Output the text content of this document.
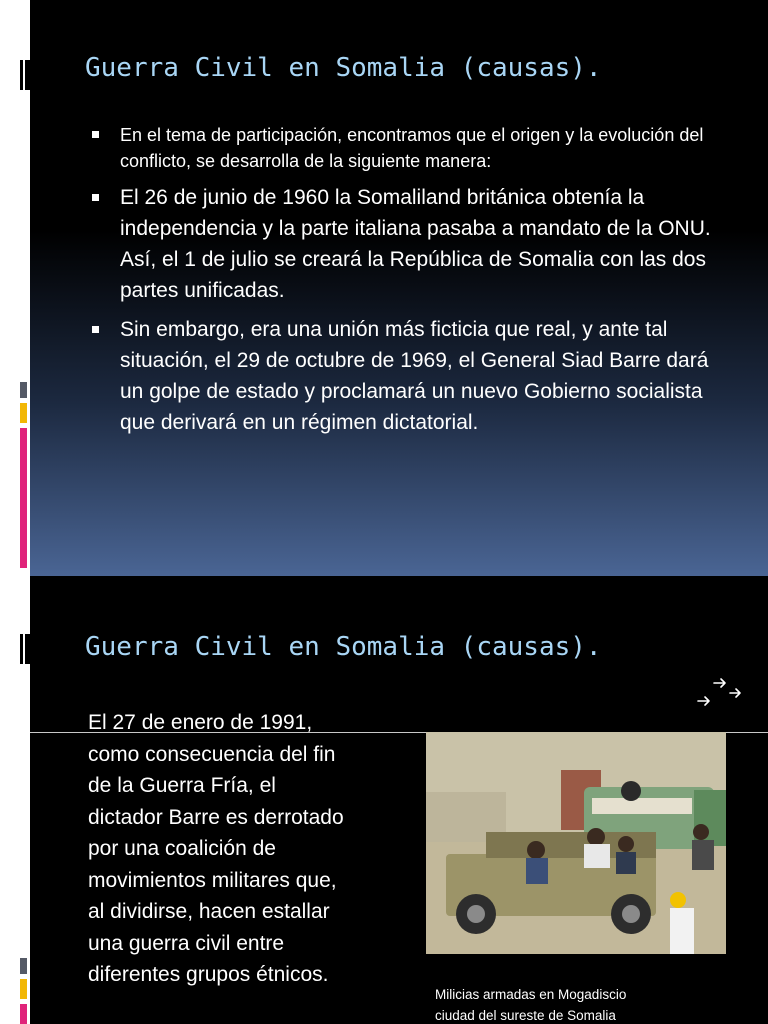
Guerra Civil en Somalia (causas).
En el tema de participación, encontramos que el origen y la evolución del conflicto, se desarrolla de la siguiente manera:
El 26 de junio de 1960 la Somaliland británica obtenía la independencia y la parte italiana pasaba a mandato de la ONU. Así, el 1 de julio se creará la República de Somalia con las dos partes unificadas.
Sin embargo, era una unión más ficticia que real, y ante tal situación, el 29 de octubre de 1969, el General Siad Barre dará un golpe de estado y proclamará un nuevo Gobierno socialista que derivará en un régimen dictatorial.
Guerra Civil en Somalia (causas).

El 27 de enero de 1991, como consecuencia del fin de la Guerra Fría, el dictador Barre es derrotado por una coalición de movimientos militares que, al dividirse, hacen estallar una guerra civil entre diferentes grupos étnicos.

Milicias armadas en Mogadiscio
ciudad del sureste de Somalia
